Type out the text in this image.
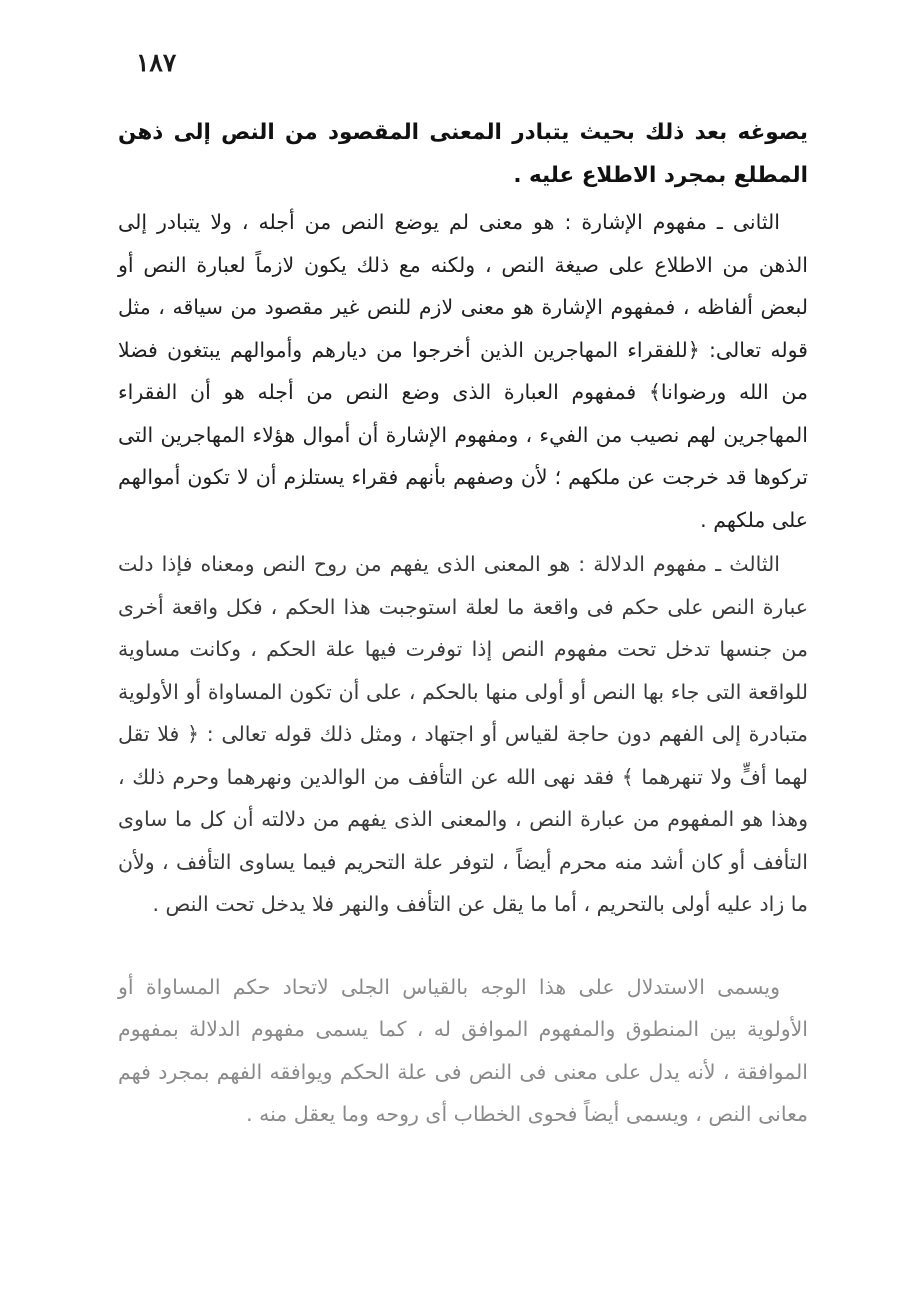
١٨٧

يصوغه بعد ذلك بحيث يتبادر المعنى المقصود من النص إلى ذهن المطلع بمجرد الاطلاع عليه .

الثانى ـ مفهوم الإشارة : هو معنى لم يوضع النص من أجله ، ولا يتبادر إلى الذهن من الاطلاع على صيغة النص ، ولكنه مع ذلك يكون لازماً لعبارة النص أو لبعض ألفاظه ، فمفهوم الإشارة هو معنى لازم للنص غير مقصود من سياقه ، مثل قوله تعالى: ﴿للفقراء المهاجرين الذين أخرجوا من ديارهم وأموالهم يبتغون فضلا من الله ورضوانا﴾ فمفهوم العبارة الذى وضع النص من أجله هو أن الفقراء المهاجرين لهم نصيب من الفيء ، ومفهوم الإشارة أن أموال هؤلاء المهاجرين التى تركوها قد خرجت عن ملكهم ؛ لأن وصفهم بأنهم فقراء يستلزم أن لا تكون أموالهم على ملكهم .

الثالث ـ مفهوم الدلالة : هو المعنى الذى يفهم من روح النص ومعناه فإذا دلت عبارة النص على حكم فى واقعة ما لعلة استوجبت هذا الحكم ، فكل واقعة أخرى من جنسها تدخل تحت مفهوم النص إذا توفرت فيها علة الحكم ، وكانت مساوية للواقعة التى جاء بها النص أو أولى منها بالحكم ، على أن تكون المساواة أو الأولوية متبادرة إلى الفهم دون حاجة لقياس أو اجتهاد ، ومثل ذلك قوله تعالى : ﴿ فلا تقل لهما أفٍّ ولا تنهرهما ﴾ فقد نهى الله عن التأفف من الوالدين ونهرهما وحرم ذلك ، وهذا هو المفهوم من عبارة النص ، والمعنى الذى يفهم من دلالته أن كل ما ساوى التأفف أو كان أشد منه محرم أيضاً ، لتوفر علة التحريم فيما يساوى التأفف ، ولأن ما زاد عليه أولى بالتحريم ، أما ما يقل عن التأفف والنهر فلا يدخل تحت النص .

ويسمى الاستدلال على هذا الوجه بالقياس الجلى لاتحاد حكم المساواة أو الأولوية بين المنطوق والمفهوم الموافق له ، كما يسمى مفهوم الدلالة بمفهوم الموافقة ، لأنه يدل على معنى فى النص فى علة الحكم ويوافقه الفهم بمجرد فهم معانى النص ، ويسمى أيضاً فحوى الخطاب أى روحه وما يعقل منه .
